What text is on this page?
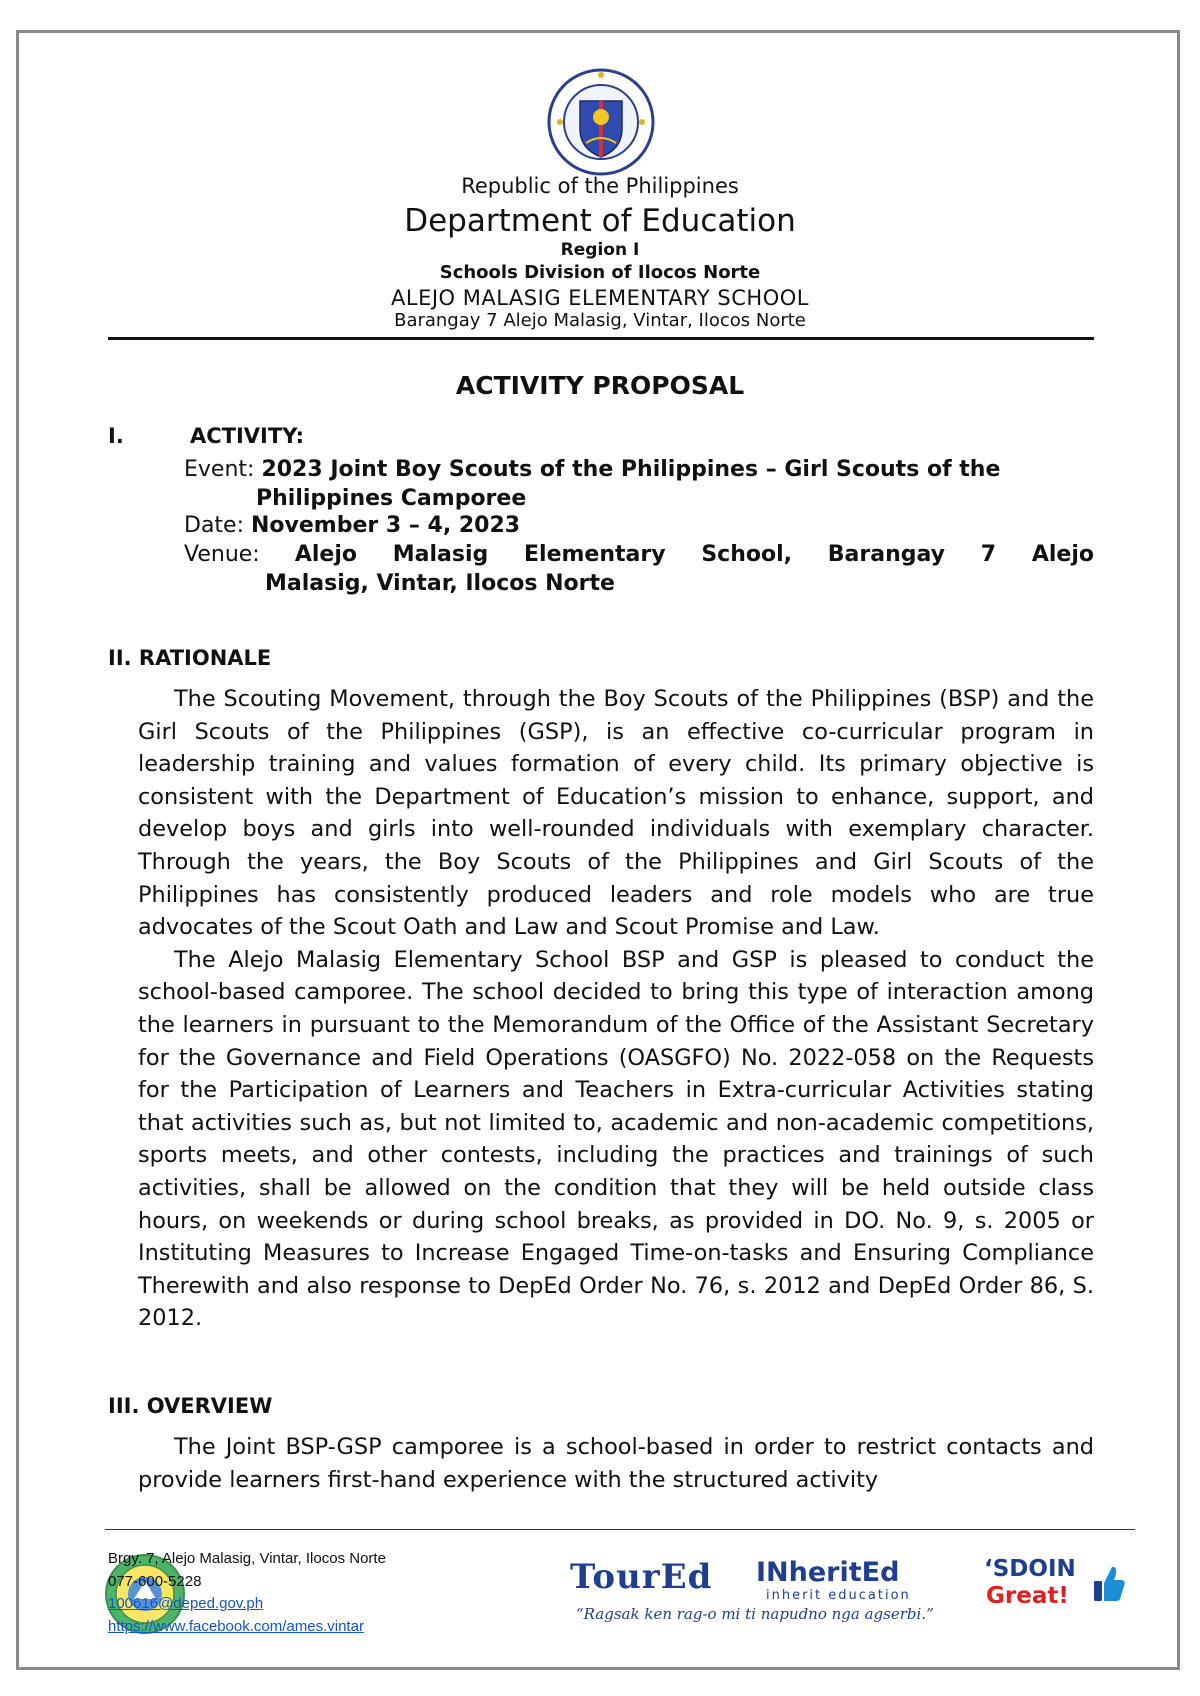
Republic of the Philippines
Department of Education
Region I
Schools Division of Ilocos Norte
ALEJO MALASIG ELEMENTARY SCHOOL
Barangay 7 Alejo Malasig, Vintar, Ilocos Norte
ACTIVITY PROPOSAL
I.	ACTIVITY:
Event: 2023 Joint Boy Scouts of the Philippines – Girl Scouts of the
Philippines Camporee
Date: November 3 – 4, 2023
Venue: Alejo Malasig Elementary School, Barangay 7 Alejo
Malasig, Vintar, Ilocos Norte
II. RATIONALE

The Scouting Movement, through the Boy Scouts of the Philippines (BSP) and the Girl Scouts of the Philippines (GSP), is an effective co-curricular program in leadership training and values formation of every child. Its primary objective is consistent with the Department of Education’s mission to enhance, support, and develop boys and girls into well-rounded individuals with exemplary character. Through the years, the Boy Scouts of the Philippines and Girl Scouts of the Philippines has consistently produced leaders and role models who are true advocates of the Scout Oath and Law and Scout Promise and Law.

The Alejo Malasig Elementary School BSP and GSP is pleased to conduct the school-based camporee. The school decided to bring this type of interaction among the learners in pursuant to the Memorandum of the Office of the Assistant Secretary for the Governance and Field Operations (OASGFO) No. 2022-058 on the Requests for the Participation of Learners and Teachers in Extra-curricular Activities stating that activities such as, but not limited to, academic and non-academic competitions, sports meets, and other contests, including the practices and trainings of such activities, shall be allowed on the condition that they will be held outside class hours, on weekends or during school breaks, as provided in DO. No. 9, s. 2005 or Instituting Measures to Increase Engaged Time-on-tasks and Ensuring Compliance Therewith and also response to DepEd Order No. 76, s. 2012 and DepEd Order 86, S. 2012.

III. OVERVIEW

The Joint BSP-GSP camporee is a school-based in order to restrict contacts and provide learners first-hand experience with the structured activity

Brgy. 7, Alejo Malasig, Vintar, Ilocos Norte
077-600-5228
100616@deped.gov.ph
https://www.facebook.com/ames.vintar
TourEd INheritEd
inherit education
“Ragsak ken rag-o mi ti napudno nga agserbi.”
‘SDOIN
Great!
